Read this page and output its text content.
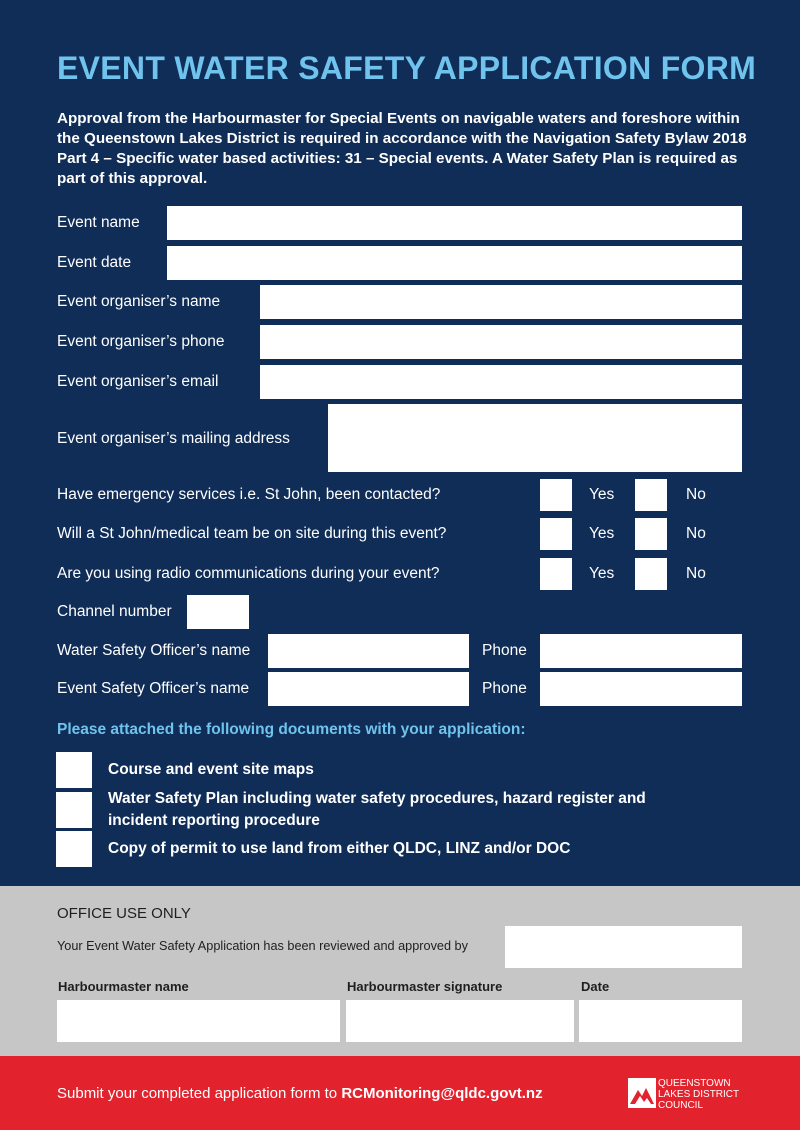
EVENT WATER SAFETY APPLICATION FORM
Approval from the Harbourmaster for Special Events on navigable waters and foreshore within the Queenstown Lakes District is required in accordance with the Navigation Safety Bylaw 2018 Part 4 – Specific water based activities: 31 – Special events. A Water Safety Plan is required as part of this approval.
Event name
Event date
Event organiser’s name
Event organiser’s phone
Event organiser’s email
Event organiser’s mailing address
Have emergency services i.e. St John, been contacted?	Yes	No
Will a St John/medical team be on site during this event?	Yes	No
Are you using radio communications during your event?	Yes	No
Channel number
Water Safety Officer’s name	Phone
Event Safety Officer’s name	Phone
Please attached the following documents with your application:
Course and event site maps
Water Safety Plan including water safety procedures, hazard register and incident reporting procedure
Copy of permit to use land from either QLDC, LINZ and/or DOC
OFFICE USE ONLY
Your Event Water Safety Application has been reviewed and approved by
Harbourmaster name	Harbourmaster signature	Date
Submit your completed application form to RCMonitoring@qldc.govt.nz
QUEENSTOWN
LAKES DISTRICT
COUNCIL
